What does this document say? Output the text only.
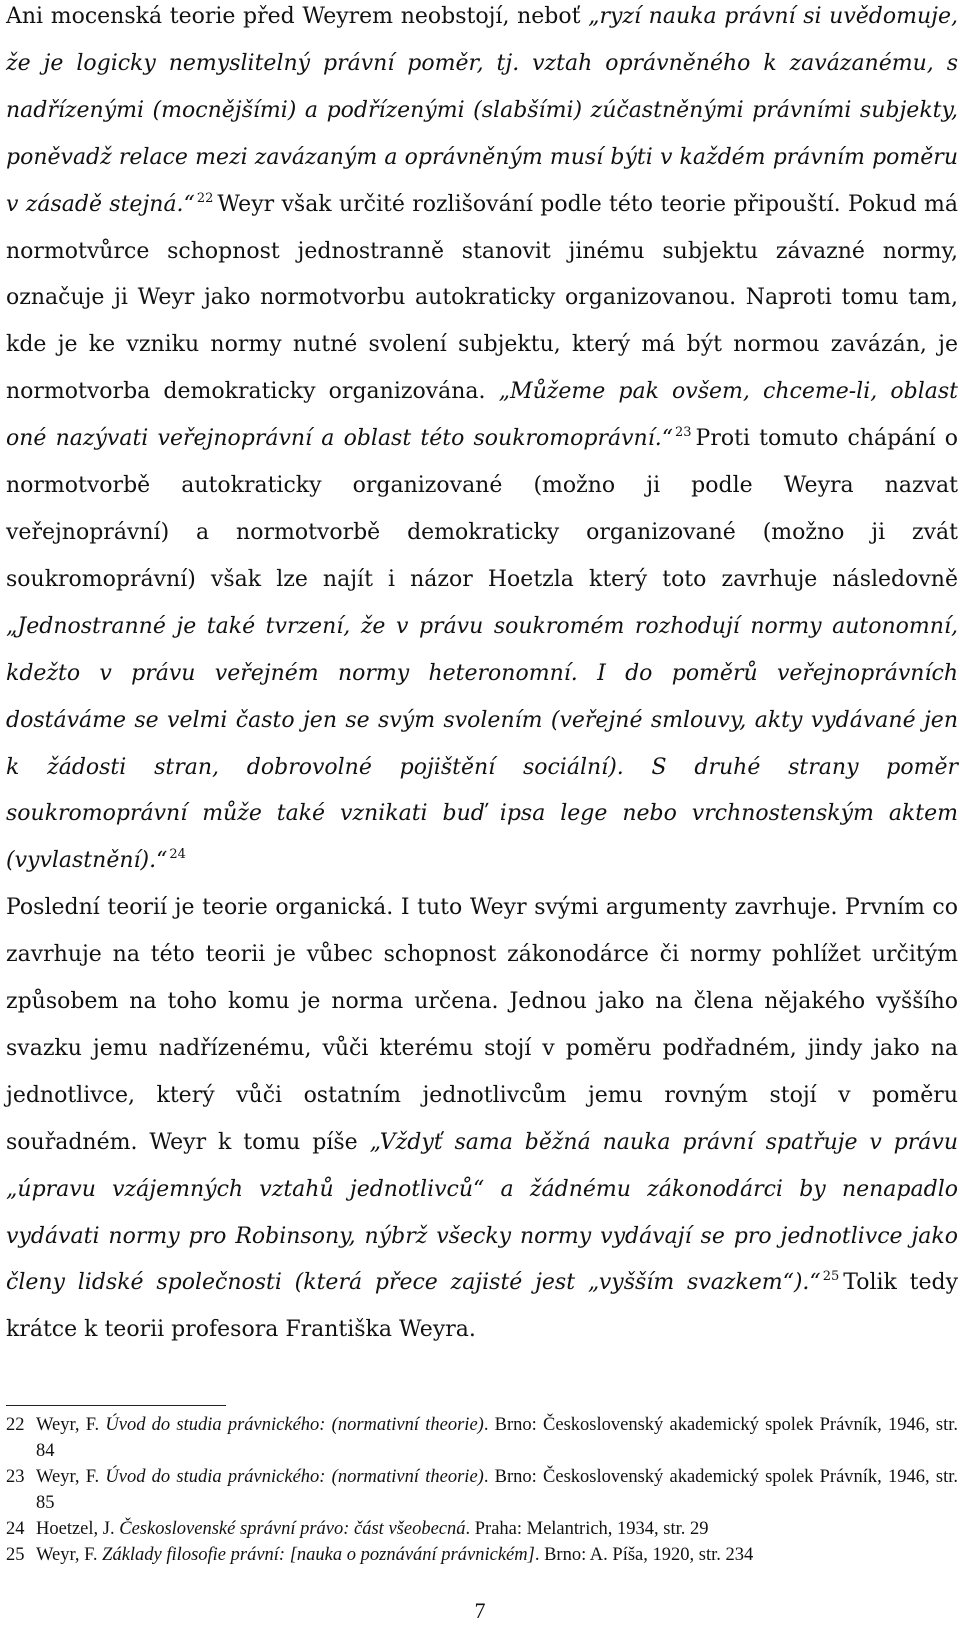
Ani mocenská teorie před Weyrem neobstojí, neboť „ryzí nauka právní si uvědomuje, že je logicky nemyslitelný právní poměr, tj. vztah oprávněného k zavázanému, s nadřízenými (mocnějšími) a podřízenými (slabšími) zúčastněnými právními subjekty, poněvadž relace mezi zavázaným a oprávněným musí býti v každém právním poměru v zásadě stejná.“ $^{22}$ Weyr však určité rozlišování podle této teorie připouští. Pokud má normotvůrce schopnost jednostranně stanovit jinému subjektu závazné normy, označuje ji Weyr jako normotvorbu autokraticky organizovanou. Naproti tomu tam, kde je ke vzniku normy nutné svolení subjektu, který má být normou zavázán, je normotvorba demokraticky organizována. „Můžeme pak ovšem, chceme-li, oblast oné nazývati veřejnoprávní a oblast této soukromoprávní.“ $^{23}$ Proti tomuto chápání o normotvorbě autokraticky organizované (možno ji podle Weyra nazvat veřejnoprávní) a normotvorbě demokraticky organizované (možno ji zvát soukromoprávní) však lze najít i názor Hoetzla který toto zavrhuje následovně „Jednostranné je také tvrzení, že v právu soukromém rozhodují normy autonomní, kdežto v právu veřejném normy heteronomní. I do poměrů veřejnoprávních dostáváme se velmi často jen se svým svolením (veřejné smlouvy, akty vydávané jen k žádosti stran, dobrovolné pojištění sociální). S druhé strany poměr soukromoprávní může také vznikati buď ipsa lege nebo vrchnostenským aktem (vyvlastnění).“ $^{24}$

Poslední teorií je teorie organická. I tuto Weyr svými argumenty zavrhuje. Prvním co zavrhuje na této teorii je vůbec schopnost zákonodárce či normy pohlížet určitým způsobem na toho komu je norma určena. Jednou jako na člena nějakého vyššího svazku jemu nadřízenému, vůči kterému stojí v poměru podřadném, jindy jako na jednotlivce, který vůči ostatním jednotlivcům jemu rovným stojí v poměru souřadném. Weyr k tomu píše „Vždyť sama běžná nauka právní spatřuje v právu „úpravu vzájemných vztahů jednotlivců“ a žádnému zákonodárci by nenapadlo vydávati normy pro Robinsony, nýbrž všecky normy vydávají se pro jednotlivce jako členy lidské společnosti (která přece zajisté jest „vyšším svazkem“).“ $^{25}$ Tolik tedy krátce k teorii profesora Františka Weyra.

22 Weyr, F. Úvod do studia právnického: (normativní theorie). Brno: Československý akademický spolek Právník, 1946, str. 84
23 Weyr, F. Úvod do studia právnického: (normativní theorie). Brno: Československý akademický spolek Právník, 1946, str. 85
24 Hoetzel, J. Československé správní právo: část všeobecná. Praha: Melantrich, 1934, str. 29
25 Weyr, F. Základy filosofie právní: [nauka o poznávání právnickém]. Brno: A. Píša, 1920, str. 234
7
